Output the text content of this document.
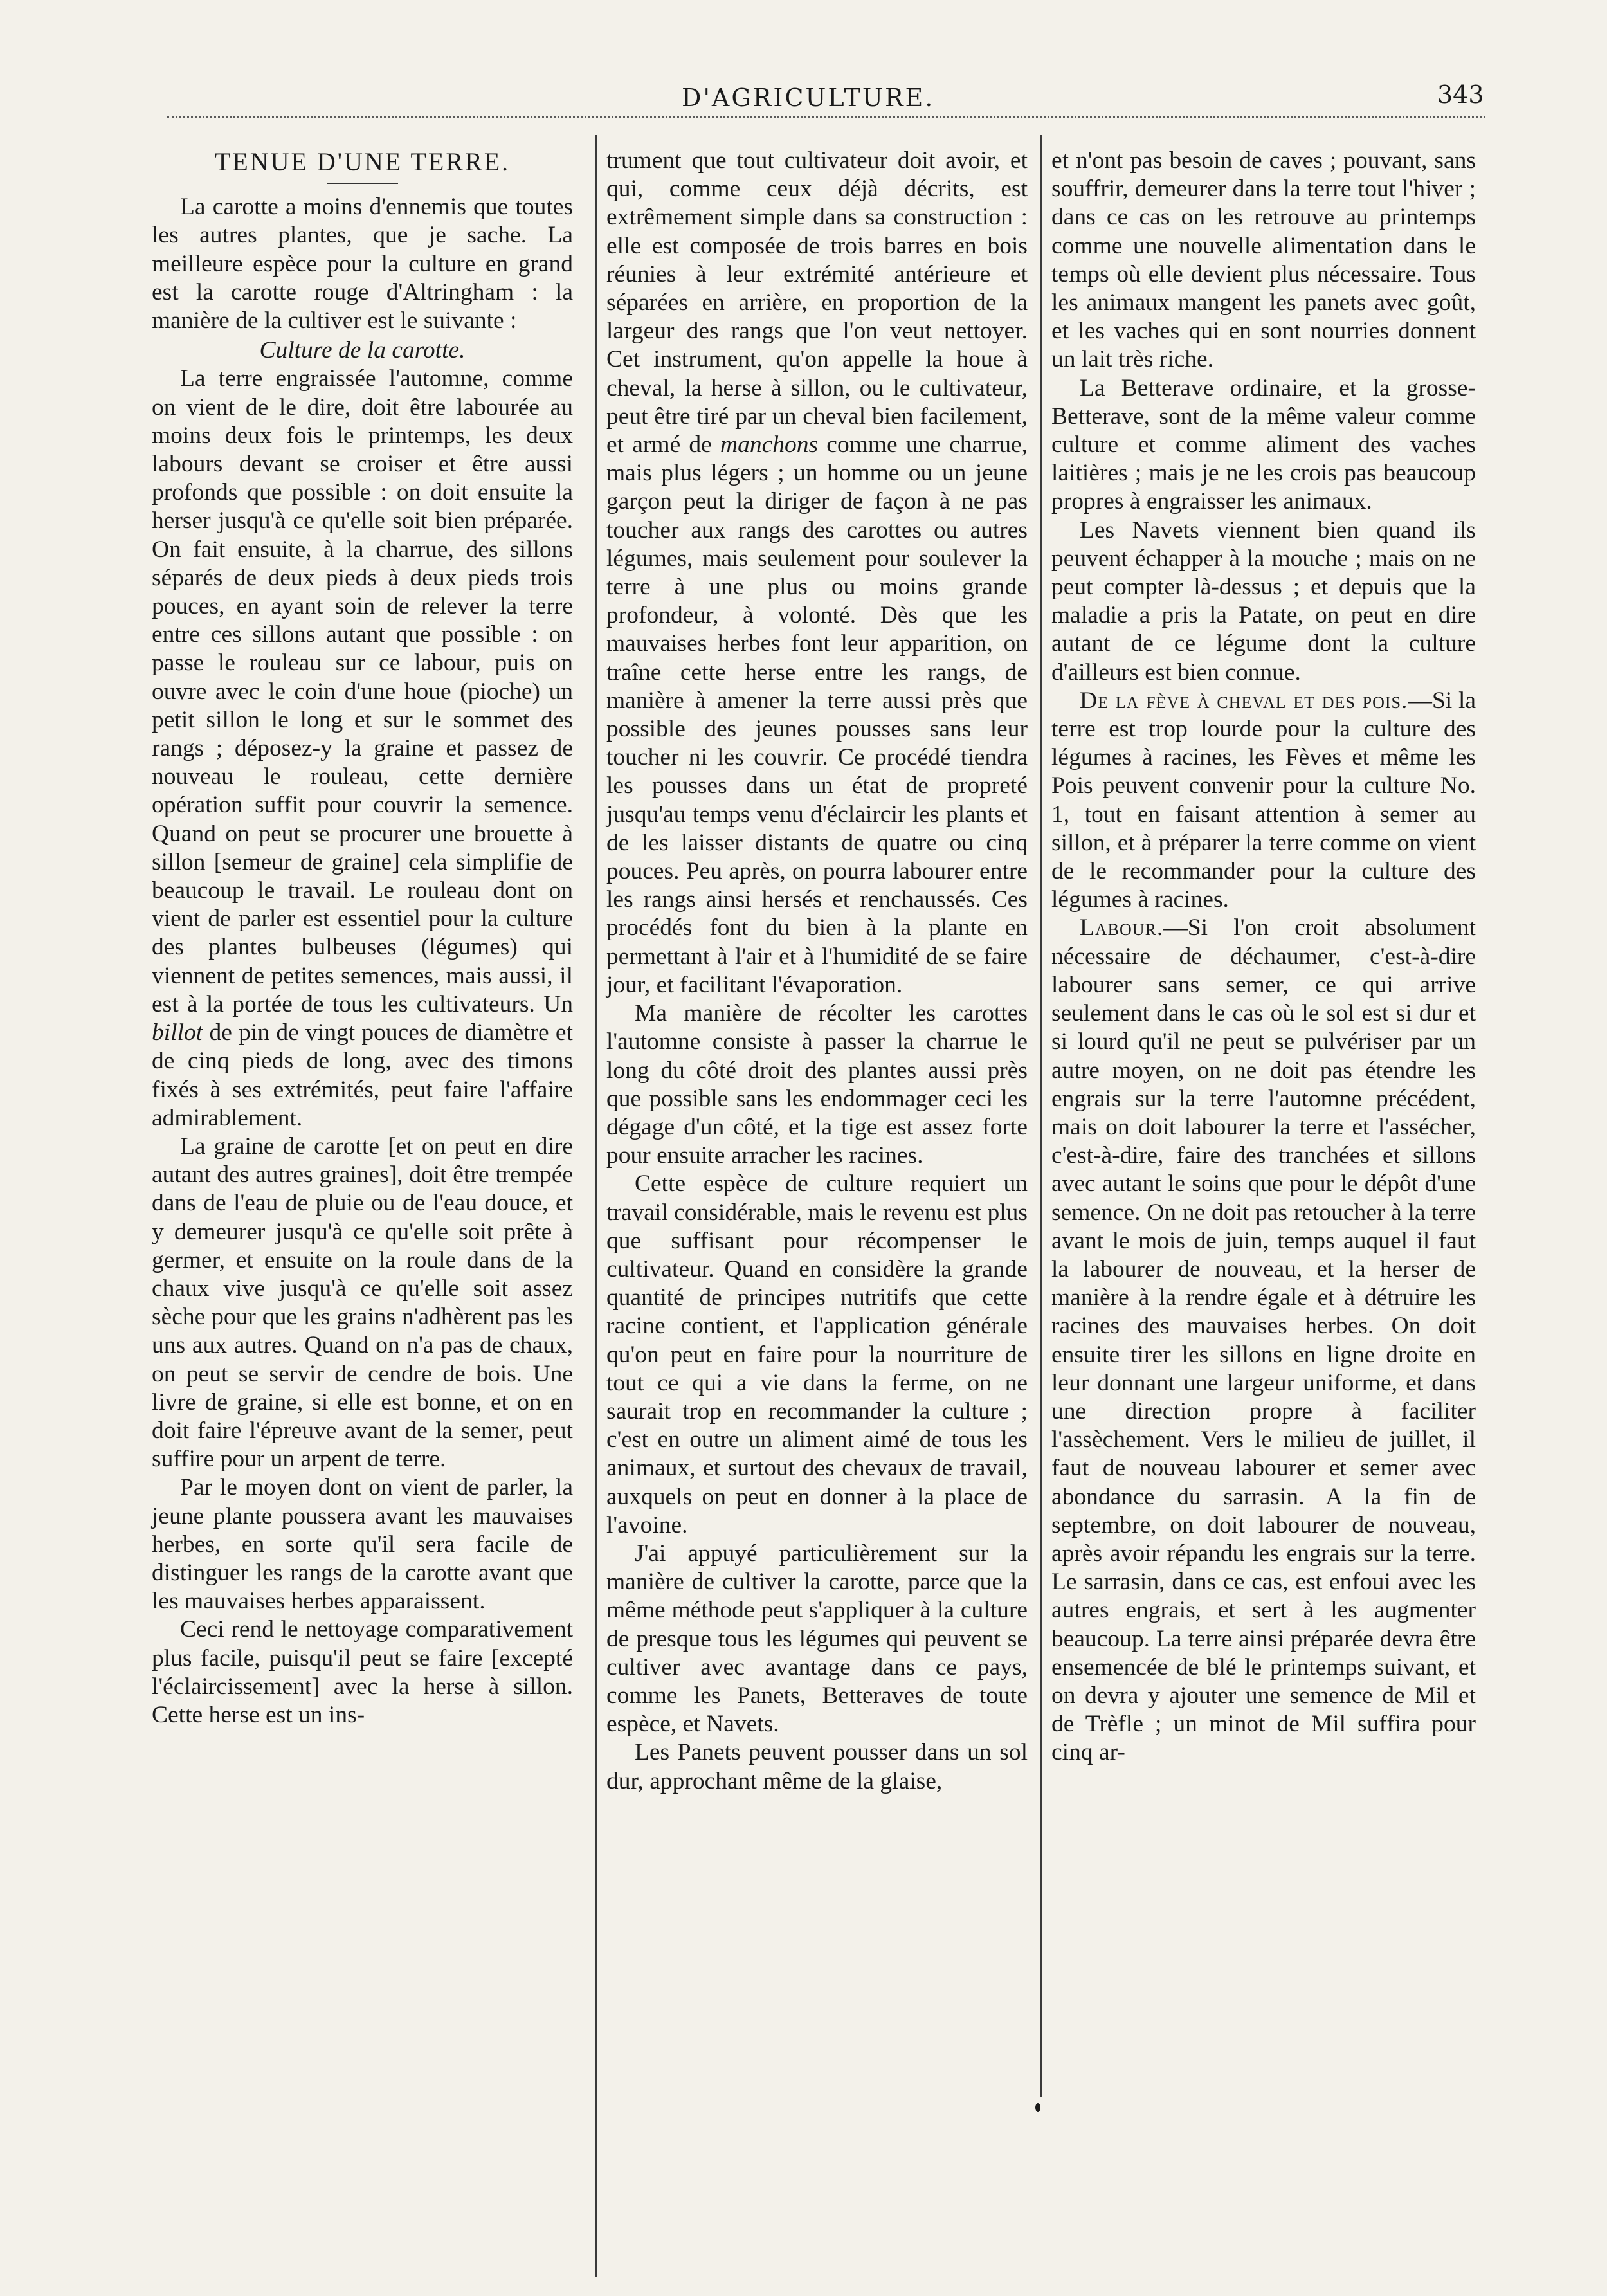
D'AGRICULTURE.	343
TENUE D'UNE TERRE.

La carotte a moins d'ennemis que toutes les autres plantes, que je sache. La meilleure espèce pour la culture en grand est la carotte rouge d'Altringham : la manière de la cultiver est le suivante :

Culture de la carotte.

La terre engraissée l'automne, comme on vient de le dire, doit être labourée au moins deux fois le printemps, les deux labours devant se croiser et être aussi profonds que possible : on doit ensuite la herser jusqu'à ce qu'elle soit bien préparée. On fait ensuite, à la charrue, des sillons séparés de deux pieds à deux pieds trois pouces, en ayant soin de relever la terre entre ces sillons autant que possible : on passe le rouleau sur ce labour, puis on ouvre avec le coin d'une houe (pioche) un petit sillon le long et sur le sommet des rangs ; déposez-y la graine et passez de nouveau le rouleau, cette dernière opération suffit pour couvrir la semence. Quand on peut se procurer une brouette à sillon [semeur de graine] cela simplifie de beaucoup le travail. Le rouleau dont on vient de parler est essentiel pour la culture des plantes bulbeuses (légumes) qui viennent de petites semences, mais aussi, il est à la portée de tous les cultivateurs. Un billot de pin de vingt pouces de diamètre et de cinq pieds de long, avec des timons fixés à ses extrémités, peut faire l'affaire admirablement.

La graine de carotte [et on peut en dire autant des autres graines], doit être trempée dans de l'eau de pluie ou de l'eau douce, et y demeurer jusqu'à ce qu'elle soit prête à germer, et ensuite on la roule dans de la chaux vive jusqu'à ce qu'elle soit assez sèche pour que les grains n'adhèrent pas les uns aux autres. Quand on n'a pas de chaux, on peut se servir de cendre de bois. Une livre de graine, si elle est bonne, et on en doit faire l'épreuve avant de la semer, peut suffire pour un arpent de terre.

Par le moyen dont on vient de parler, la jeune plante poussera avant les mauvaises herbes, en sorte qu'il sera facile de distinguer les rangs de la carotte avant que les mauvaises herbes apparaissent.

Ceci rend le nettoyage comparativement plus facile, puisqu'il peut se faire [excepté l'éclaircissement] avec la herse à sillon. Cette herse est un ins-

trument que tout cultivateur doit avoir, et qui, comme ceux déjà décrits, est extrêmement simple dans sa construction : elle est composée de trois barres en bois réunies à leur extrémité antérieure et séparées en arrière, en proportion de la largeur des rangs que l'on veut nettoyer. Cet instrument, qu'on appelle la houe à cheval, la herse à sillon, ou le cultivateur, peut être tiré par un cheval bien facilement, et armé de manchons comme une charrue, mais plus légers ; un homme ou un jeune garçon peut la diriger de façon à ne pas toucher aux rangs des carottes ou autres légumes, mais seulement pour soulever la terre à une plus ou moins grande profondeur, à volonté. Dès que les mauvaises herbes font leur apparition, on traîne cette herse entre les rangs, de manière à amener la terre aussi près que possible des jeunes pousses sans leur toucher ni les couvrir. Ce procédé tiendra les pousses dans un état de propreté jusqu'au temps venu d'éclaircir les plants et de les laisser distants de quatre ou cinq pouces. Peu après, on pourra labourer entre les rangs ainsi hersés et renchaussés. Ces procédés font du bien à la plante en permettant à l'air et à l'humidité de se faire jour, et facilitant l'évaporation.

Ma manière de récolter les carottes l'automne consiste à passer la charrue le long du côté droit des plantes aussi près que possible sans les endommager ceci les dégage d'un côté, et la tige est assez forte pour ensuite arracher les racines.

Cette espèce de culture requiert un travail considérable, mais le revenu est plus que suffisant pour récompenser le cultivateur. Quand en considère la grande quantité de principes nutritifs que cette racine contient, et l'application générale qu'on peut en faire pour la nourriture de tout ce qui a vie dans la ferme, on ne saurait trop en recommander la culture ; c'est en outre un aliment aimé de tous les animaux, et surtout des chevaux de travail, auxquels on peut en donner à la place de l'avoine.

J'ai appuyé particulièrement sur la manière de cultiver la carotte, parce que la même méthode peut s'appliquer à la culture de presque tous les légumes qui peuvent se cultiver avec avantage dans ce pays, comme les Panets, Betteraves de toute espèce, et Navets.

Les Panets peuvent pousser dans un sol dur, approchant même de la glaise,

et n'ont pas besoin de caves ; pouvant, sans souffrir, demeurer dans la terre tout l'hiver ; dans ce cas on les retrouve au printemps comme une nouvelle alimentation dans le temps où elle devient plus nécessaire. Tous les animaux mangent les panets avec goût, et les vaches qui en sont nourries donnent un lait très riche.

La Betterave ordinaire, et la grosse-Betterave, sont de la même valeur comme culture et comme aliment des vaches laitières ; mais je ne les crois pas beaucoup propres à engraisser les animaux.

Les Navets viennent bien quand ils peuvent échapper à la mouche ; mais on ne peut compter là-dessus ; et depuis que la maladie a pris la Patate, on peut en dire autant de ce légume dont la culture d'ailleurs est bien connue.

De la fève à cheval et des pois.—Si la terre est trop lourde pour la culture des légumes à racines, les Fèves et même les Pois peuvent convenir pour la culture No. 1, tout en faisant attention à semer au sillon, et à préparer la terre comme on vient de le recommander pour la culture des légumes à racines.

Labour.—Si l'on croit absolument nécessaire de déchaumer, c'est-à-dire labourer sans semer, ce qui arrive seulement dans le cas où le sol est si dur et si lourd qu'il ne peut se pulvériser par un autre moyen, on ne doit pas étendre les engrais sur la terre l'automne précédent, mais on doit labourer la terre et l'assécher, c'est-à-dire, faire des tranchées et sillons avec autant le soins que pour le dépôt d'une semence. On ne doit pas retoucher à la terre avant le mois de juin, temps auquel il faut la labourer de nouveau, et la herser de manière à la rendre égale et à détruire les racines des mauvaises herbes. On doit ensuite tirer les sillons en ligne droite en leur donnant une largeur uniforme, et dans une direction propre à faciliter l'assèchement. Vers le milieu de juillet, il faut de nouveau labourer et semer avec abondance du sarrasin. A la fin de septembre, on doit labourer de nouveau, après avoir répandu les engrais sur la terre. Le sarrasin, dans ce cas, est enfoui avec les autres engrais, et sert à les augmenter beaucoup. La terre ainsi préparée devra être ensemencée de blé le printemps suivant, et on devra y ajouter une semence de Mil et de Trèfle ; un minot de Mil suffira pour cinq ar-
